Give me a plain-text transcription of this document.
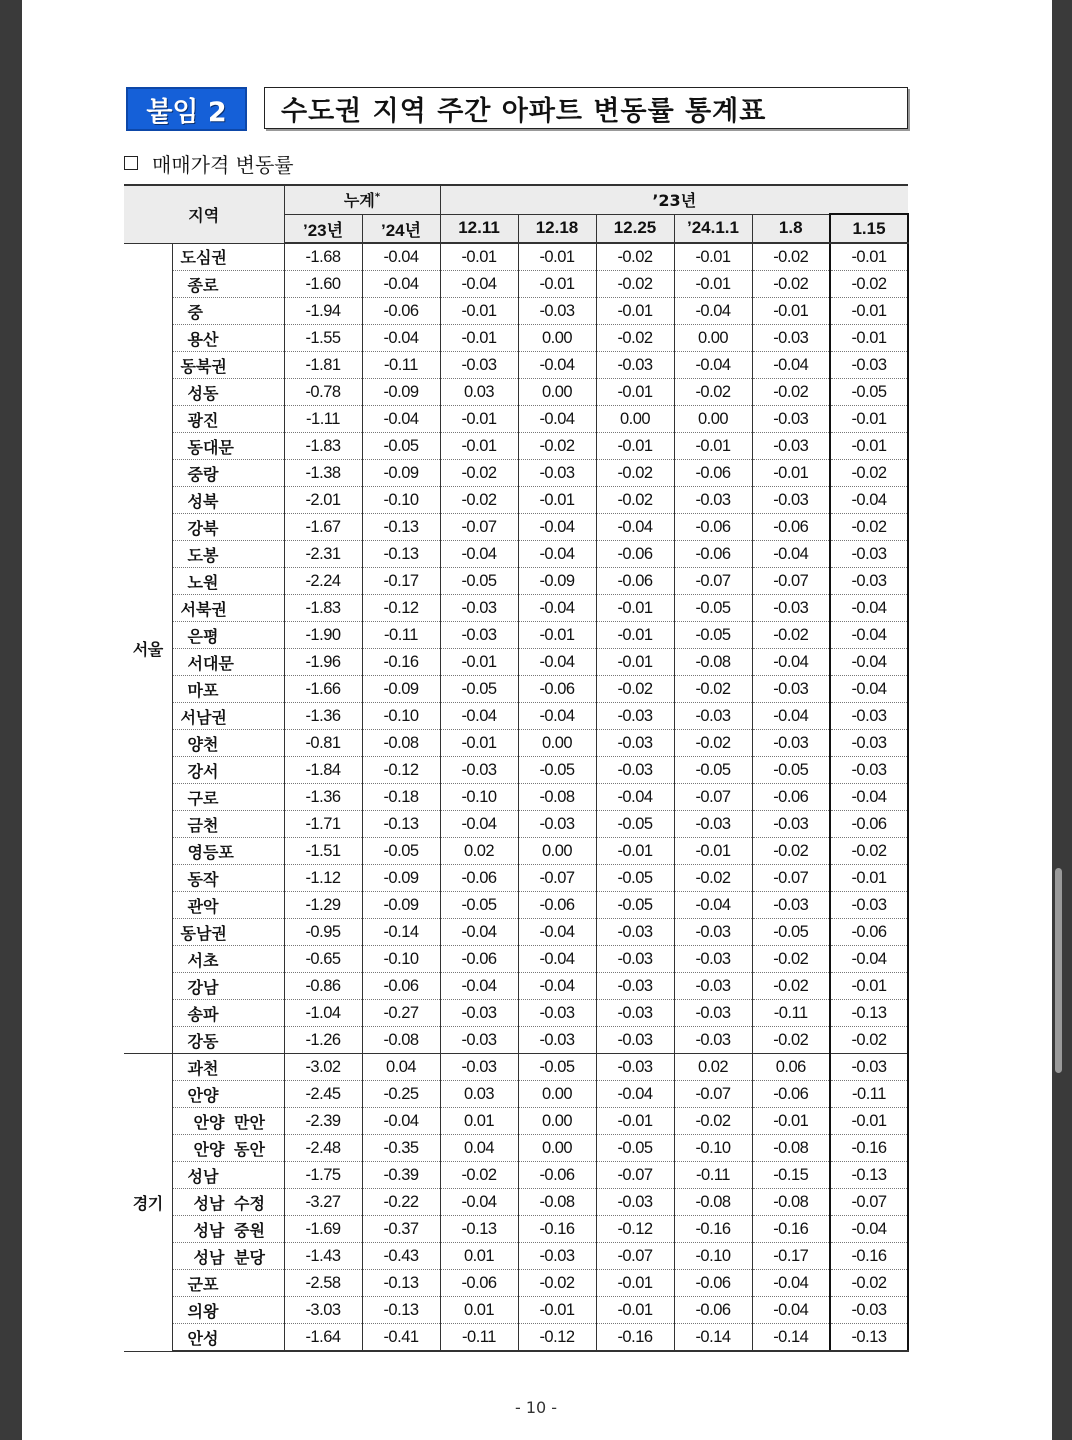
붙임 2	수도권 지역 주간 아파트 변동률 통계표
매매가격 변동률
지역		누계*		’23년					
		’23년	’24년	12.11	12.18	12.25	’24.1.1	1.8	1.15
서울	도심권	-1.68	-0.04	-0.01	-0.01	-0.02	-0.01	-0.02	-0.01
	종로	-1.60	-0.04	-0.04	-0.01	-0.02	-0.01	-0.02	-0.02
	중	-1.94	-0.06	-0.01	-0.03	-0.01	-0.04	-0.01	-0.01
	용산	-1.55	-0.04	-0.01	0.00	-0.02	0.00	-0.03	-0.01
	동북권	-1.81	-0.11	-0.03	-0.04	-0.03	-0.04	-0.04	-0.03
	성동	-0.78	-0.09	0.03	0.00	-0.01	-0.02	-0.02	-0.05
	광진	-1.11	-0.04	-0.01	-0.04	0.00	0.00	-0.03	-0.01
	동대문	-1.83	-0.05	-0.01	-0.02	-0.01	-0.01	-0.03	-0.01
	중랑	-1.38	-0.09	-0.02	-0.03	-0.02	-0.06	-0.01	-0.02
	성북	-2.01	-0.10	-0.02	-0.01	-0.02	-0.03	-0.03	-0.04
	강북	-1.67	-0.13	-0.07	-0.04	-0.04	-0.06	-0.06	-0.02
	도봉	-2.31	-0.13	-0.04	-0.04	-0.06	-0.06	-0.04	-0.03
	노원	-2.24	-0.17	-0.05	-0.09	-0.06	-0.07	-0.07	-0.03
	서북권	-1.83	-0.12	-0.03	-0.04	-0.01	-0.05	-0.03	-0.04
	은평	-1.90	-0.11	-0.03	-0.01	-0.01	-0.05	-0.02	-0.04
	서대문	-1.96	-0.16	-0.01	-0.04	-0.01	-0.08	-0.04	-0.04
	마포	-1.66	-0.09	-0.05	-0.06	-0.02	-0.02	-0.03	-0.04
	서남권	-1.36	-0.10	-0.04	-0.04	-0.03	-0.03	-0.04	-0.03
	양천	-0.81	-0.08	-0.01	0.00	-0.03	-0.02	-0.03	-0.03
	강서	-1.84	-0.12	-0.03	-0.05	-0.03	-0.05	-0.05	-0.03
	구로	-1.36	-0.18	-0.10	-0.08	-0.04	-0.07	-0.06	-0.04
	금천	-1.71	-0.13	-0.04	-0.03	-0.05	-0.03	-0.03	-0.06
	영등포	-1.51	-0.05	0.02	0.00	-0.01	-0.01	-0.02	-0.02
	동작	-1.12	-0.09	-0.06	-0.07	-0.05	-0.02	-0.07	-0.01
	관악	-1.29	-0.09	-0.05	-0.06	-0.05	-0.04	-0.03	-0.03
	동남권	-0.95	-0.14	-0.04	-0.04	-0.03	-0.03	-0.05	-0.06
	서초	-0.65	-0.10	-0.06	-0.04	-0.03	-0.03	-0.02	-0.04
	강남	-0.86	-0.06	-0.04	-0.04	-0.03	-0.03	-0.02	-0.01
	송파	-1.04	-0.27	-0.03	-0.03	-0.03	-0.03	-0.11	-0.13
	강동	-1.26	-0.08	-0.03	-0.03	-0.03	-0.03	-0.02	-0.02
경기	과천	-3.02	0.04	-0.03	-0.05	-0.03	0.02	0.06	-0.03
	안양	-2.45	-0.25	0.03	0.00	-0.04	-0.07	-0.06	-0.11
	안양 만안	-2.39	-0.04	0.01	0.00	-0.01	-0.02	-0.01	-0.01
	안양 동안	-2.48	-0.35	0.04	0.00	-0.05	-0.10	-0.08	-0.16
	성남	-1.75	-0.39	-0.02	-0.06	-0.07	-0.11	-0.15	-0.13
	성남 수정	-3.27	-0.22	-0.04	-0.08	-0.03	-0.08	-0.08	-0.07
	성남 중원	-1.69	-0.37	-0.13	-0.16	-0.12	-0.16	-0.16	-0.04
	성남 분당	-1.43	-0.43	0.01	-0.03	-0.07	-0.10	-0.17	-0.16
	군포	-2.58	-0.13	-0.06	-0.02	-0.01	-0.06	-0.04	-0.02
	의왕	-3.03	-0.13	0.01	-0.01	-0.01	-0.06	-0.04	-0.03
	안성	-1.64	-0.41	-0.11	-0.12	-0.16	-0.14	-0.14	-0.13
- 10 -
